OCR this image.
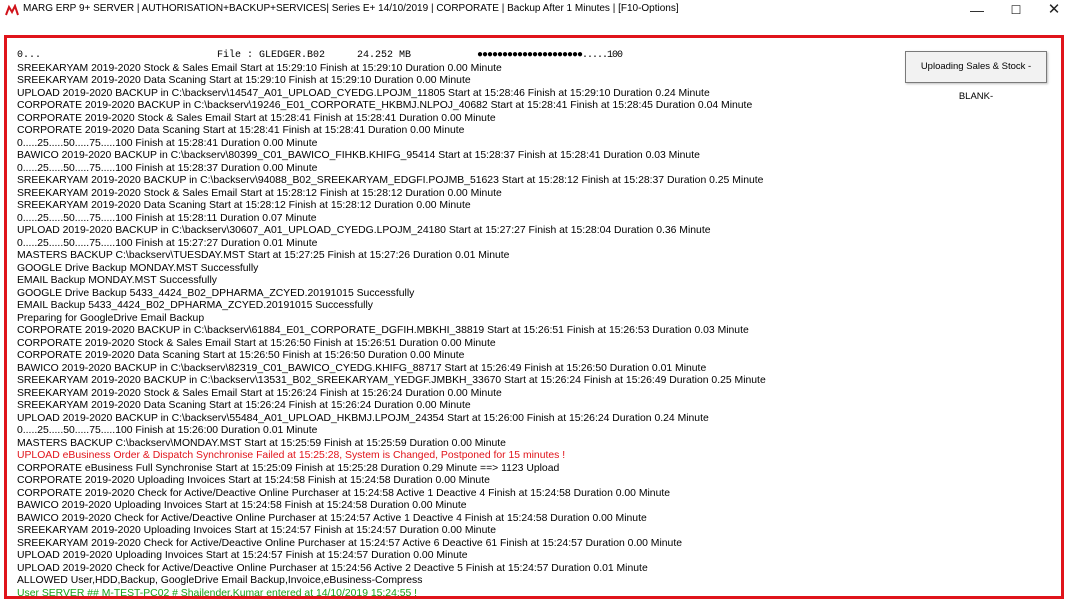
MARG ERP 9+ SERVER | AUTHORISATION+BACKUP+SERVICES| Series E+ 14/10/2019 | CORPORATE | Backup After 1 Minutes | [F10-Options]	—	☐	✕
0...	File : GLEDGER.B02	24.252 MB	●●●●●●●●●●●●●●●●●●●●●.....100
SREEKARYAM 2019-2020 Stock & Sales Email Start at 15:29:10 Finish at 15:29:10 Duration 0.00 Minute
SREEKARYAM 2019-2020 Data Scaning Start at 15:29:10 Finish at 15:29:10 Duration 0.00 Minute
UPLOAD 2019-2020 BACKUP in C:\backserv\14547_A01_UPLOAD_CYEDG.LPOJM_11805 Start at 15:28:46 Finish at 15:29:10 Duration 0.24 Minute
CORPORATE 2019-2020 BACKUP in C:\backserv\19246_E01_CORPORATE_HKBMJ.NLPOJ_40682 Start at 15:28:41 Finish at 15:28:45 Duration 0.04 Minute
CORPORATE 2019-2020 Stock & Sales Email Start at 15:28:41 Finish at 15:28:41 Duration 0.00 Minute
CORPORATE 2019-2020 Data Scaning Start at 15:28:41 Finish at 15:28:41 Duration 0.00 Minute
0.....25.....50.....75.....100 Finish at 15:28:41 Duration 0.00 Minute
BAWICO 2019-2020 BACKUP in C:\backserv\80399_C01_BAWICO_FIHKB.KHIFG_95414 Start at 15:28:37 Finish at 15:28:41 Duration 0.03 Minute
0.....25.....50.....75.....100 Finish at 15:28:37 Duration 0.00 Minute
SREEKARYAM 2019-2020 BACKUP in C:\backserv\94088_B02_SREEKARYAM_EDGFI.POJMB_51623 Start at 15:28:12 Finish at 15:28:37 Duration 0.25 Minute
SREEKARYAM 2019-2020 Stock & Sales Email Start at 15:28:12 Finish at 15:28:12 Duration 0.00 Minute
SREEKARYAM 2019-2020 Data Scaning Start at 15:28:12 Finish at 15:28:12 Duration 0.00 Minute
0.....25.....50.....75.....100 Finish at 15:28:11 Duration 0.07 Minute
UPLOAD 2019-2020 BACKUP in C:\backserv\30607_A01_UPLOAD_CYEDG.LPOJM_24180 Start at 15:27:27 Finish at 15:28:04 Duration 0.36 Minute
0.....25.....50.....75.....100 Finish at 15:27:27 Duration 0.01 Minute
MASTERS BACKUP C:\backserv\TUESDAY.MST Start at 15:27:25 Finish at 15:27:26 Duration 0.01 Minute
GOOGLE Drive Backup MONDAY.MST Successfully
EMAIL Backup MONDAY.MST Successfully
GOOGLE Drive Backup 5433_4424_B02_DPHARMA_ZCYED.20191015 Successfully
EMAIL Backup 5433_4424_B02_DPHARMA_ZCYED.20191015 Successfully
Preparing for GoogleDrive Email Backup
CORPORATE 2019-2020 BACKUP in C:\backserv\61884_E01_CORPORATE_DGFIH.MBKHI_38819 Start at 15:26:51 Finish at 15:26:53 Duration 0.03 Minute
CORPORATE 2019-2020 Stock & Sales Email Start at 15:26:50 Finish at 15:26:51 Duration 0.00 Minute
CORPORATE 2019-2020 Data Scaning Start at 15:26:50 Finish at 15:26:50 Duration 0.00 Minute
BAWICO 2019-2020 BACKUP in C:\backserv\82319_C01_BAWICO_CYEDG.KHIFG_88717 Start at 15:26:49 Finish at 15:26:50 Duration 0.01 Minute
SREEKARYAM 2019-2020 BACKUP in C:\backserv\13531_B02_SREEKARYAM_YEDGF.JMBKH_33670 Start at 15:26:24 Finish at 15:26:49 Duration 0.25 Minute
SREEKARYAM 2019-2020 Stock & Sales Email Start at 15:26:24 Finish at 15:26:24 Duration 0.00 Minute
SREEKARYAM 2019-2020 Data Scaning Start at 15:26:24 Finish at 15:26:24 Duration 0.00 Minute
UPLOAD 2019-2020 BACKUP in C:\backserv\55484_A01_UPLOAD_HKBMJ.LPOJM_24354 Start at 15:26:00 Finish at 15:26:24 Duration 0.24 Minute
0.....25.....50.....75.....100 Finish at 15:26:00 Duration 0.01 Minute
MASTERS BACKUP C:\backserv\MONDAY.MST Start at 15:25:59 Finish at 15:25:59 Duration 0.00 Minute
UPLOAD eBusiness Order & Dispatch Synchronise Failed at 15:25:28, System is Changed, Postponed for 15 minutes !
CORPORATE eBusiness Full Synchronise Start at 15:25:09 Finish at 15:25:28 Duration 0.29 Minute ==> 1123 Upload
CORPORATE 2019-2020 Uploading Invoices Start at 15:24:58 Finish at 15:24:58 Duration 0.00 Minute
CORPORATE 2019-2020 Check for Active/Deactive Online Purchaser at 15:24:58 Active 1 Deactive 4 Finish at 15:24:58 Duration 0.00 Minute
BAWICO 2019-2020 Uploading Invoices Start at 15:24:58 Finish at 15:24:58 Duration 0.00 Minute
BAWICO 2019-2020 Check for Active/Deactive Online Purchaser at 15:24:57 Active 1 Deactive 4 Finish at 15:24:58 Duration 0.00 Minute
SREEKARYAM 2019-2020 Uploading Invoices Start at 15:24:57 Finish at 15:24:57 Duration 0.00 Minute
SREEKARYAM 2019-2020 Check for Active/Deactive Online Purchaser at 15:24:57 Active 6 Deactive 61 Finish at 15:24:57 Duration 0.00 Minute
UPLOAD 2019-2020 Uploading Invoices Start at 15:24:57 Finish at 15:24:57 Duration 0.00 Minute
UPLOAD 2019-2020 Check for Active/Deactive Online Purchaser at 15:24:56 Active 2 Deactive 5 Finish at 15:24:57 Duration 0.01 Minute
ALLOWED User,HDD,Backup, GoogleDrive Email Backup,Invoice,eBusiness-Compress
User SERVER ## M-TEST-PC02 # Shailender.Kumar entered at 14/10/2019 15:24:55 !
Uploading Sales & Stock -BLANK-
